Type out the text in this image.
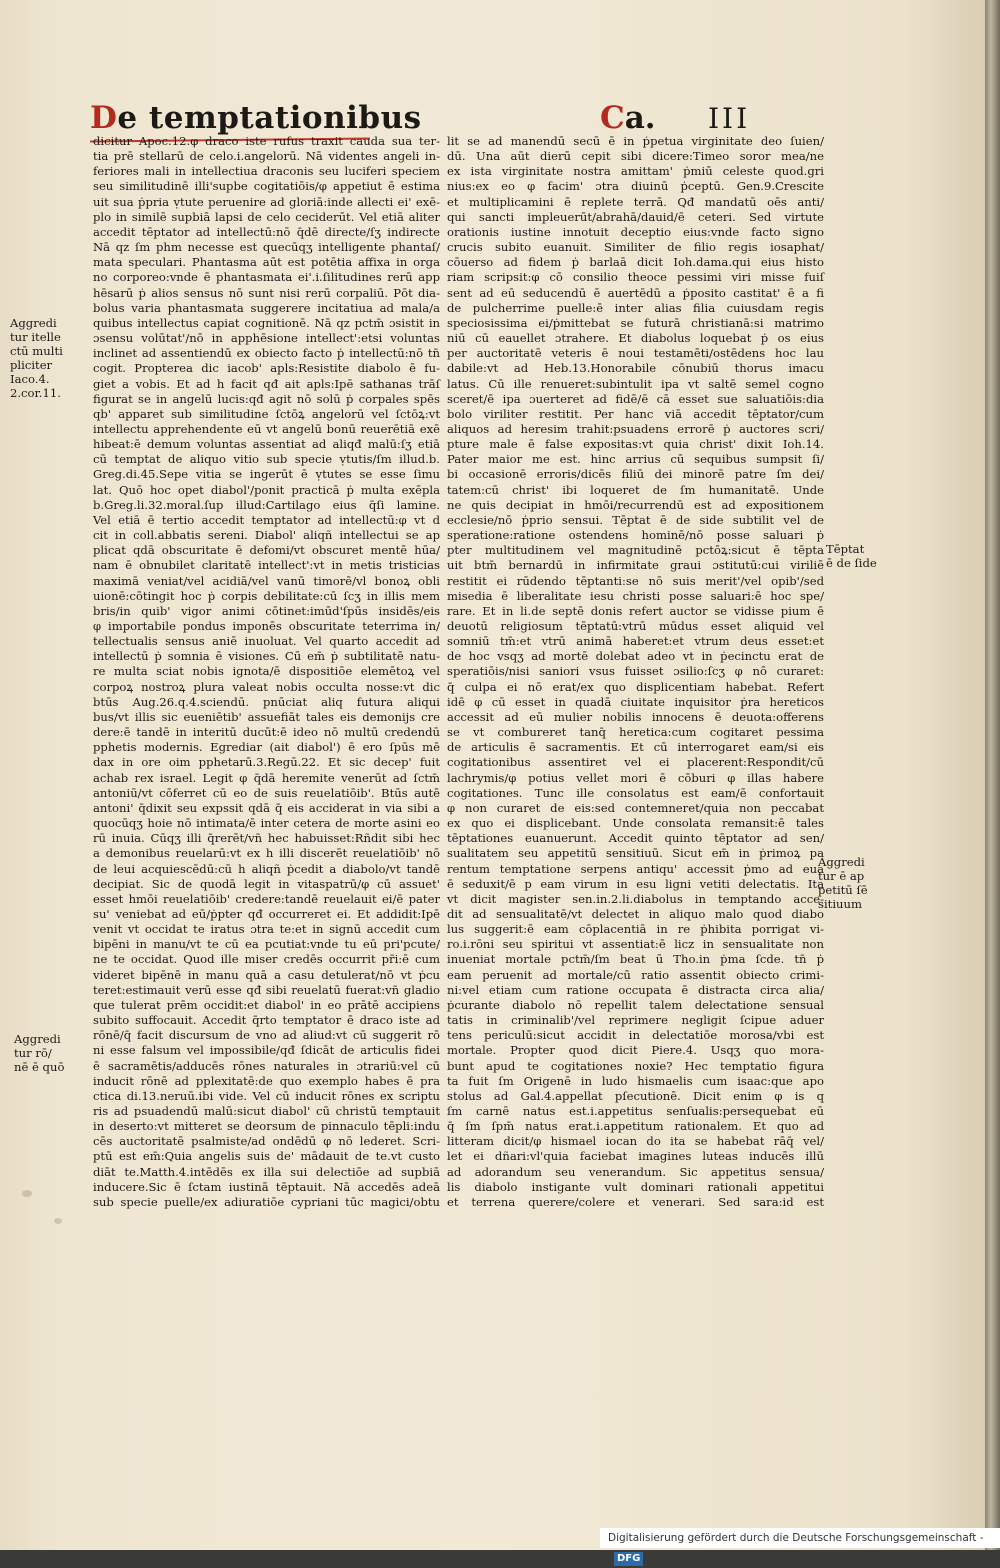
De temptationibus	Ca. III

dicitur Apoc.12.φ draco iste rufus traxit cauda sua ter-

tia prē stellarū de celo.i.angelorū. Nā videntes angeli in-

feriores mali in intellectiua draconis seu luciferi speciem

seu similitudinē illi'supbe cogitatiōis/φ appetiut ē estima

uit sua ṗpria ṿtute peruenire ad gloriā:inde allecti ei' exē-

plo in similē supbiā lapsi de celo ceciderūt. Vel etiā aliter

accedit tēptator ad intellectū:nō q̄dē directe/ſʒ indirecte

Nā qz ſm phm necesse est quecūqʒ intelligente phantaſ/

mata speculari. Phantasma aūt est potētia affixa in orga

no corporeo:vnde ē phantasmata ei'.i.ſilitudines rerū app

hēsarū ṗ alios sensus nō sunt nisi rerū corpaliū. Pōt dia-

bolus varia phantasmata suggerere incitatiua ad mala/a

quibus intellectus capiat cognitionē. Nā qz pctm̄ ɔsistit in

ɔsensu volūtat'/nō in apphēsione intellect':etsi voluntas

inclinet ad assentiendū ex obiecto facto ṗ intellectū:nō tn̄

cogit. Propterea dic iacob' apls:Resistite diabolo ē fu-

giet a vobis. Et ad h facit qđ ait apls:Ipē sathanas trāſ

figurat se in angelū lucis:qđ agit nō solū ṗ corpales spēs

qb' apparet sub similitudine ſctōꝝ angelorū vel ſctōꝝ:vt

intellectu apprehendente eū vt angelū bonū reuerētiā exē

hibeat:ē demum voluntas assentiat ad aliqđ malū:ſʒ etiā

cū temptat de aliquo vitio sub specie ṿtutis/ſm illud.b.

Greg.di.45.Sepe vitia se ingerūt ē ṿtutes se esse ſimu

lat. Quō hoc opet diabol'/ponit practicā ṗ multa exēpla

b.Greg.li.32.moral.ſup illud:Cartilago eius q̄ſi lamine.

Vel etiā ē tertio accedit temptator ad intellectū:φ vt d

cit in coll.abbatis sereni. Diabol' aliqñ intellectui se ap

plicat qdā obscuritate ē defomi/vt obscuret mentē hūa/

nam ē obnubilet claritatē intellect':vt in metis tristicias

maximā veniat/vel acidiā/vel vanū timorē/vl bonoꝝ obli

uionē:cōtingit hoc ṗ corpis debilitate:cū ſcʒ in illis mem

bris/in quib' vigor animi cōtinet:imūd'ſpūs insidēs/eis

φ importabile pondus imponēs obscuritate teterrima in/

tellectualis sensus aniē inuoluat. Vel quarto accedit ad

intellectū ṗ somnia ē visiones. Cū em̄ ṗ subtilitatē natu-

re multa sciat nobis ignota/ē dispositiōe elemētoꝝ vel

corpoꝝ nostroꝝ plura valeat nobis occulta nosse:vt dic

btūs Aug.26.q.4.sciendū. pnūciat aliq futura aliqui

bus/vt illis sic eueniētib' assuefiāt tales eis demonijs cre

dere:ē tandē in interitū ducūt:ē ideo nō multū credendū

pphetis modernis. Egrediar (ait diabol') ē ero ſpūs mē

dax in ore oim pphetarū.3.Regū.22. Et sic decep' fuit

achab rex israel. Legit φ q̄dā heremite venerūt ad ſctm̄

antoniū/vt cōferret cū eo de suis reuelatiōib'. Btūs autē

antoni' q̄dixit seu expssit qdā q̄ eis acciderat in via sibi a

quocūqʒ hoie nō intimata/ē inter cetera de morte asini eo

rū inuia. Cūqʒ illi q̄rerēt/vn̄ hec habuisset:Rñdit sibi hec

a demonibus reuelarū:vt ex h illi discerēt reuelatiōib' nō

de leui acquiescēdū:cū h aliqñ ṗcedit a diabolo/vt tandē

decipiat. Sic de quodā legit in vitaspatrū/φ cū assuet'

esset hmōi reuelatiōib' credere:tandē reuelauit ei/ē pater

su' veniebat ad eū/ṗpter qđ occurreret ei. Et addidit:Ipē

venit vt occidat te iratus ɔtra te:et in signū accedit cum

bipēni in manu/vt te cū ea pcutiat:vnde tu eū pri'pcute/

ne te occidat. Quod ille miser credēs occurrit pr̄i:ē cum

videret bipēnē in manu quā a casu detulerat/nō vt ṗcu

teret:estimauit verū esse qđ sibi reuelatū fuerat:vn̄ gladio

que tulerat prēm occidit:et diabol' in eo prātē accipiens

subito suffocauit. Accedit q̄rto temptator ē draco iste ad

rōnē/q̄ facit discursum de vno ad aliud:vt cū suggerit rō

ni esse falsum vel impossibile/qđ ſdicāt de articulis fidei

ē sacramētis/adducēs rōnes naturales in ɔtrariū:vel cū

inducit rōnē ad pplexitatē:de quo exemplo habes ē pra

ctica di.13.neruū.ibi vide. Vel cū inducit rōnes ex scriptu

ris ad psuadendū malū:sicut diabol' cū christū temptauit

in deserto:vt mitteret se deorsum de pinnaculo tēpli:indu

cēs auctoritatē psalmiste/ad ondēdū φ nō lederet. Scri-

ptū est em̄:Quia angelis suis de' mādauit de te.vt custo

diāt te.Matth.4.intēdēs ex illa sui delectiōe ad supbiā

inducere.Sic ē ſctam iustinā tēptauit. Nā accedēs adeā

sub specie puelle/ex adiuratiōe cypriani tūc magici/obtu

lit se ad manendū secū ē in ṗpetua virginitate deo ſuien/

dū. Una aūt dierū cepit sibi dicere:Timeo soror mea/ne

ex ista virginitate nostra amittam' ṗmiū celeste quod.gri

nius:ex eo φ facim' ɔtra diuinū ṗceptū. Gen.9.Crescite

et multiplicamini ē replete terrā. Qđ mandatū oēs anti/

qui sancti impleuerūt/abrahā/dauid/ē ceteri. Sed virtute

orationis iustine innotuit deceptio eius:vnde facto signo

crucis subito euanuit. Similiter de filio regis iosaphat/

cōuerso ad fidem ṗ barlaā dicit Ioh.dama.qui eius histo

riam scripsit:φ cō consilio theoce pessimi viri misse fuiſ

sent ad eū seducendū ē auertēdū a ṗposito castitat' ē a fi

de pulcherrime puelle:ē inter alias filia cuiusdam regis

speciosissima ei/ṗmittebat se futurā christianā:si matrimo

niū cū eauellet ɔtrahere. Et diabolus loquebat ṗ os eius

per auctoritatē veteris ē noui testamēti/ostēdens hoc lau

dabile:vt ad Heb.13.Honorabile cōnubiū thorus imacu

latus. Cū ille renueret:subintulit ipa vt saltē semel cogno

sceret/ē ipa ɔuerteret ad fidē/ē cā esset sue saluatiōis:dia

bolo viriliter restitit. Per hanc viā accedit tēptator/cum

aliquos ad heresim trahit:psuadens errorē ṗ auctores scri/

pture male ē false expositas:vt quia christ' dixit Ioh.14.

Pater maior me est. hinc arrius cū sequibus sumpsit ſi/

bi occasionē erroris/dicēs filiū dei minorē patre ſm dei/

tatem:cū christ' ibi loqueret de ſm humanitatē. Unde

ne quis decipiat in hmōi/recurrendū est ad expositionem

ecclesie/nō ṗprio sensui. Tēptat ē de side subtilit vel de

speratione:ratione ostendens hominē/nō posse saluari ṗ

pter multitudinem vel magnitudinē pctōꝝ:sicut ē tēpta

uit btm̄ bernardū in infirmitate graui ɔstitutū:cui viriliē

restitit ei rūdendo tēptanti:se nō suis merit'/vel opib'/sed

misedia ē liberalitate iesu christi posse saluari:ē hoc spe/

rare. Et in li.de septē donis refert auctor se vidisse pium ē

deuotū religiosum tēptatū:vtrū mūdus esset aliquid vel

somniū tm̄:et vtrū animā haberet:et vtrum deus esset:et

de hoc vsqʒ ad mortē dolebat adeo vt in ṗecinctu erat de

speratiōis/nisi saniori vsus fuisset ɔsilio:ſcʒ φ nō curaret:

q̄ culpa ei nō erat/ex quo displicentiam habebat. Refert

idē φ cū esset in quadā ciuitate inquisitor ṗra hereticos

accessit ad eū mulier nobilis innocens ē deuota:offerens

se vt combureret tanq̄ heretica:cum cogitaret pessima

de articulis ē sacramentis. Et cū interrogaret eam/si eis

cogitationibus assentiret vel ei placerent:Respondit/cū

lachrymis/φ potius vellet mori ē cōburi φ illas habere

cogitationes. Tunc ille consolatus est eam/ē confortauit

φ non curaret de eis:sed contemneret/quia non peccabat

ex quo ei displicebant. Unde consolata remansit:ē tales

tēptationes euanuerunt. Accedit quinto tēptator ad sen/

sualitatem seu appetitū sensitiuū. Sicut em̄ in ṗrimoꝝ pa

rentum temptatione serpens antiqu' accessit ṗmo ad eua

ē seduxit/ē p eam virum in esu ligni vetiti delectatis. Ita

vt dicit magister sen.in.2.li.diabolus in temptando acce-

dit ad sensualitatē/vt delectet in aliquo malo quod diabo

lus suggerit:ē eam cōplacentiā in re ṗhibita porrigat vi-

ro.i.rōni seu spiritui vt assentiat:ē licz in sensualitate non

inueniat mortale pctm̄/ſm beat ū Tho.in ṗma ſcde. tn̄ ṗ

eam peruenit ad mortale/cū ratio assentit obiecto crimi-

ni:vel etiam cum ratione occupata ē distracta circa alia/

ṗcurante diabolo nō repellit talem delectatione sensual

tatis in criminalib'/vel reprimere negligit ſcipue aduer

tens periculū:sicut accidit in delectatiōe morosa/vbi est

mortale. Propter quod dicit Piere.4. Usqʒ quo mora-

bunt apud te cogitationes noxie? Hec temptatio figura

ta fuit ſm Origenē in ludo hismaelis cum isaac:que apo

stolus ad Gal.4.appellat pſecutionē. Dicit enim φ is q

ſm carnē natus est.i.appetitus senſualis:persequebat eū

q̄ ſm ſpm̄ natus erat.i.appetitum rationalem. Et quo ad

litteram dicit/φ hismael iocan do ita se habebat rāq̄ vel/

let ei dñari:vl'quia faciebat imagines luteas inducēs illū

ad adorandum seu venerandum. Sic appetitus sensua/

lis diabolo instigante vult dominari rationali appetitui

et terrena querere/colere et venerari. Sed sara:id est

Aggredi
tur itelle
ctū multi
pliciter
Iaco.4.
2.cor.11.
Aggredi
tur rō/
nē ē quō
Tēptat
ē de ſide
Aggredi
tur ē ap
petitū ſē
sitiuum
Digitalisierung gefördert durch die Deutsche Forschungsgemeinschaft -DFG
